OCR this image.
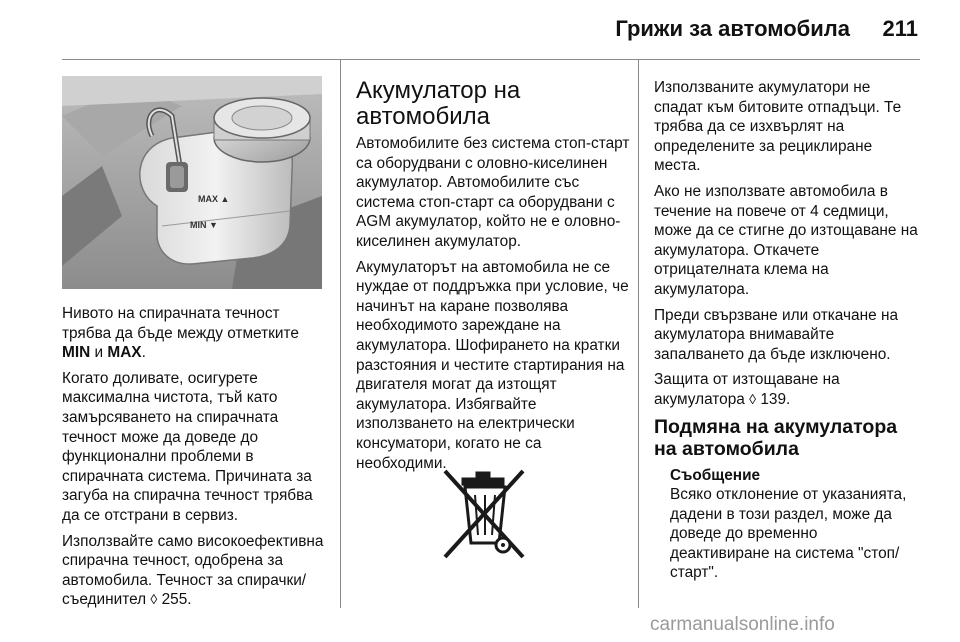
Грижи за автомобила	211
MAX ▲
MIN ▼

Нивото на спирачната течност трябва да бъде между отметките MIN и MAX.

Когато доливате, осигурете максимална чистота, тъй като замърсяването на спирачната течност може да доведе до функционални проблеми в спирачната система. Причината за загуба на спирачна течност трябва да се отстрани в сервиз.

Използвайте само високоефективна спирачна течност, одобрена за автомобила. Течност за спирачки/съединител ◊ 255.

Акумулатор на автомобила

Автомобилите без система стоп-старт са оборудвани с оловно-киселинен акумулатор. Автомобилите със система стоп-старт са оборудвани с AGM акумулатор, който не е оловно-киселинен акумулатор.

Акумулаторът на автомобила не се нуждае от поддръжка при условие, че начинът на каране позволява необходимото зареждане на акумулатора. Шофирането на кратки разстояния и честите стартирания на двигателя могат да изтощят акумулатора. Избягвайте използването на електрически консуматори, когато не са необходими.

Използваните акумулатори не спадат към битовите отпадъци. Те трябва да се изхвърлят на определените за рециклиране места.

Ако не използвате автомобила в течение на повече от 4 седмици, може да се стигне до изтощаване на акумулатора. Откачете отрицателната клема на акумулатора.

Преди свързване или откачане на акумулатора внимавайте запалването да бъде изключено.

Защита от изтощаване на акумулатора ◊ 139.

Подмяна на акумулатора на автомобила
Съобщение
Всяко отклонение от указанията, дадени в този раздел, може да доведе до временно деактивиране на система "стоп/старт".
carmanualsonline.info
